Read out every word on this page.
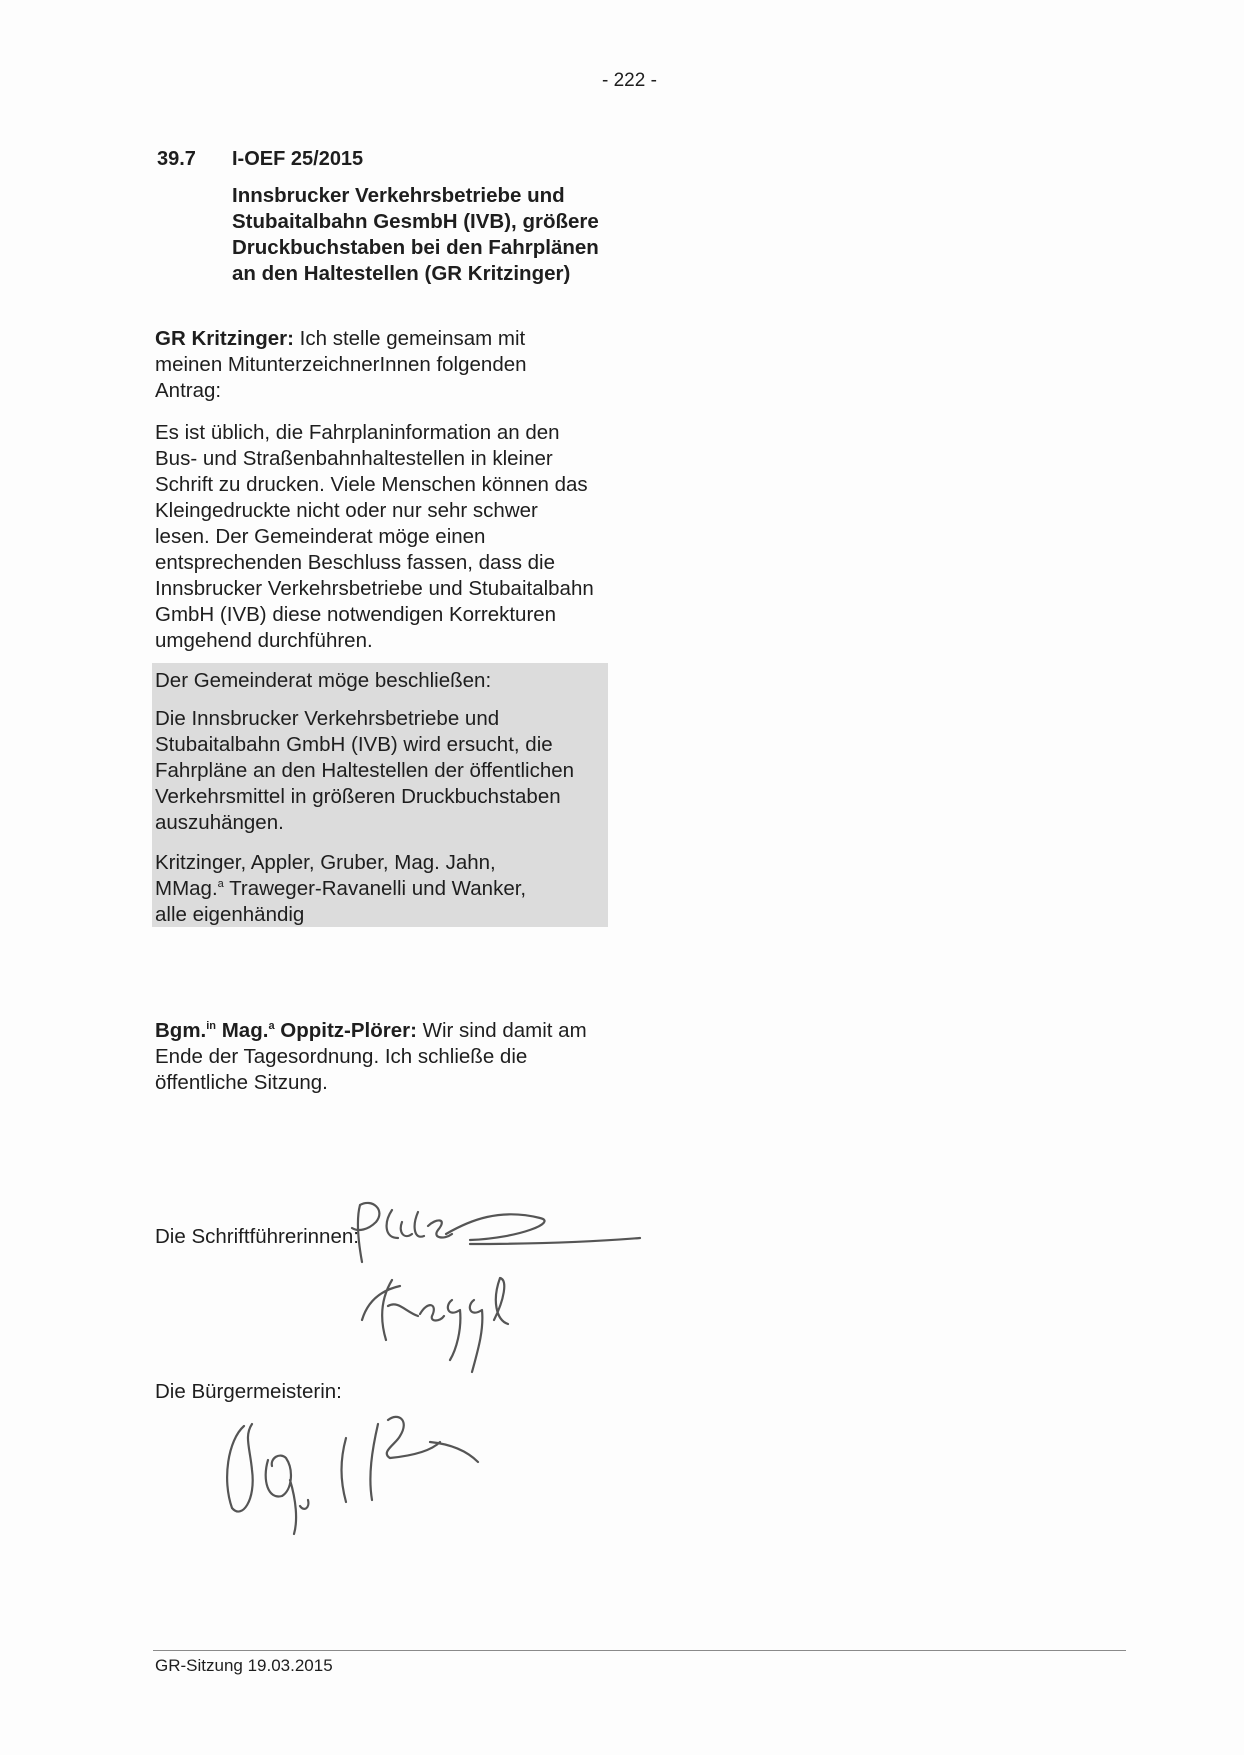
- 222 -
39.7 I-OEF 25/2015

Innsbrucker Verkehrsbetriebe und Stubaitalbahn GesmbH (IVB), größere Druckbuchstaben bei den Fahrplänen an den Haltestellen (GR Kritzinger)

GR Kritzinger: Ich stelle gemeinsam mit meinen MitunterzeichnerInnen folgenden Antrag:

Es ist üblich, die Fahrplaninformation an den Bus- und Straßenbahnhaltestellen in kleiner Schrift zu drucken. Viele Menschen können das Kleingedruckte nicht oder nur sehr schwer lesen. Der Gemeinderat möge einen entsprechenden Beschluss fassen, dass die Innsbrucker Verkehrsbetriebe und Stubaitalbahn GmbH (IVB) diese notwendigen Korrekturen umgehend durchführen.

Der Gemeinderat möge beschließen:

Die Innsbrucker Verkehrsbetriebe und Stubaitalbahn GmbH (IVB) wird ersucht, die Fahrpläne an den Haltestellen der öffentlichen Verkehrsmittel in größeren Druckbuchstaben auszuhängen.

Kritzinger, Appler, Gruber, Mag. Jahn,
MMag.$^a$ Traweger-Ravanelli und Wanker,
alle eigenhändig

Bgm.$^{in}$ Mag.$^a$ Oppitz-Plörer: Wir sind damit am Ende der Tagesordnung. Ich schließe die öffentliche Sitzung.

Die Schriftführerinnen:
Die Bürgermeisterin:
GR-Sitzung 19.03.2015
